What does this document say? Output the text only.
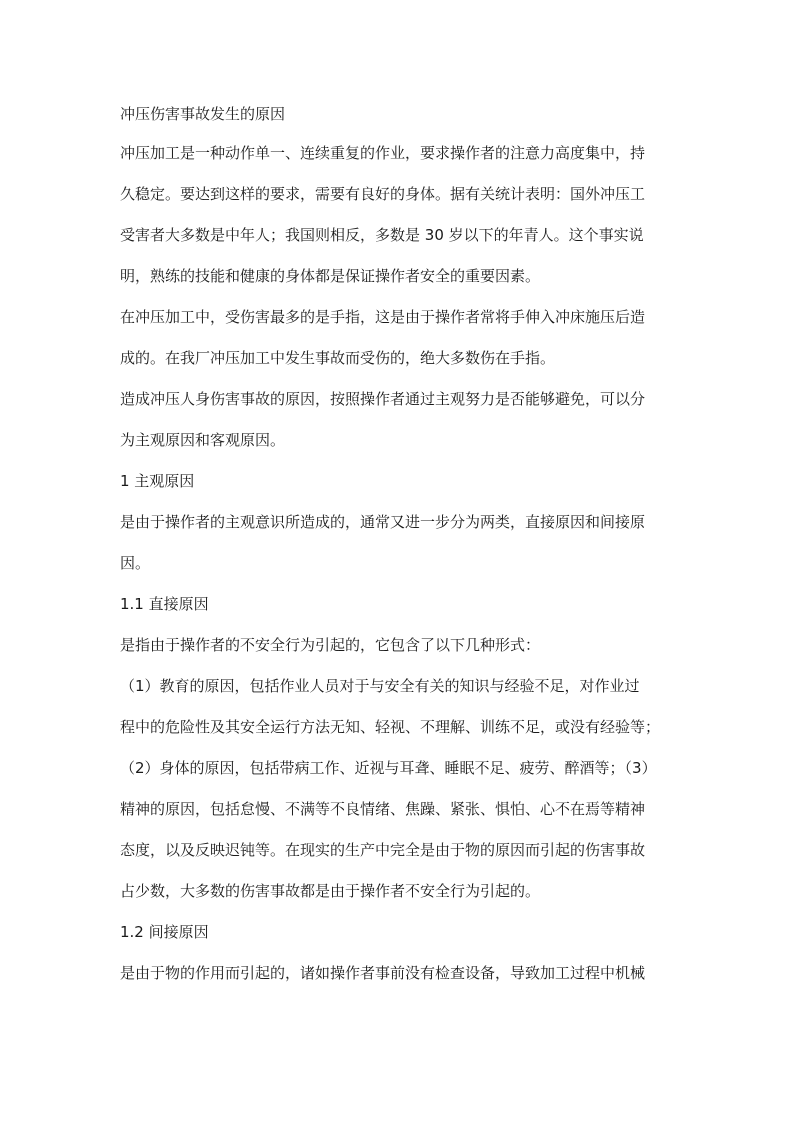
冲压伤害事故发生的原因
冲压加工是一种动作单一、连续重复的作业，要求操作者的注意力高度集中，持
久稳定。要达到这样的要求，需要有良好的身体。据有关统计表明：国外冲压工
受害者大多数是中年人；我国则相反，多数是 30 岁以下的年青人。这个事实说
明，熟练的技能和健康的身体都是保证操作者安全的重要因素。
在冲压加工中，受伤害最多的是手指，这是由于操作者常将手伸入冲床施压后造
成的。在我厂冲压加工中发生事故而受伤的，绝大多数伤在手指。
造成冲压人身伤害事故的原因，按照操作者通过主观努力是否能够避免，可以分
为主观原因和客观原因。
1 主观原因
是由于操作者的主观意识所造成的，通常又进一步分为两类，直接原因和间接原
因。
1.1 直接原因
是指由于操作者的不安全行为引起的，它包含了以下几种形式：
（1）教育的原因，包括作业人员对于与安全有关的知识与经验不足，对作业过
程中的危险性及其安全运行方法无知、轻视、不理解、训练不足，或没有经验等；
（2）身体的原因，包括带病工作、近视与耳聋、睡眠不足、疲劳、醉酒等；（3）
精神的原因，包括怠慢、不满等不良情绪、焦躁、紧张、惧怕、心不在焉等精神
态度，以及反映迟钝等。在现实的生产中完全是由于物的原因而引起的伤害事故
占少数，大多数的伤害事故都是由于操作者不安全行为引起的。
1.2 间接原因
是由于物的作用而引起的，诸如操作者事前没有检查设备，导致加工过程中机械
